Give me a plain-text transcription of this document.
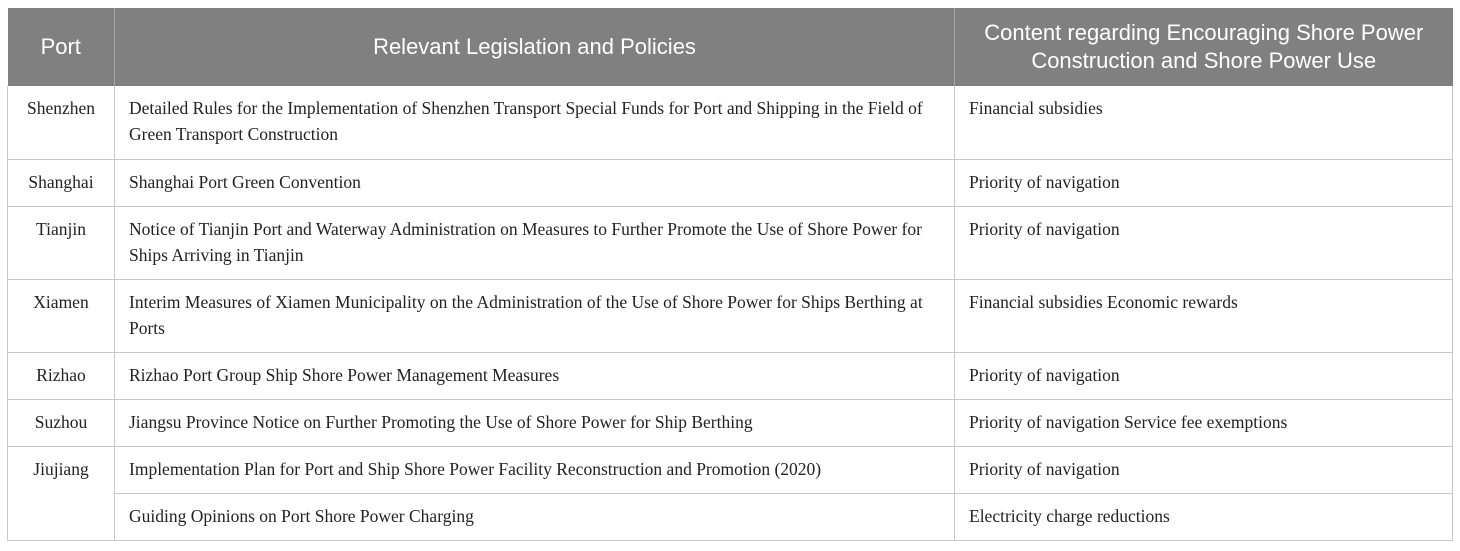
Port	Relevant Legislation and Policies	Content regarding Encouraging Shore Power Construction and Shore Power Use
Shenzhen	Detailed Rules for the Implementation of Shenzhen Transport Special Funds for Port and Shipping in the Field of Green Transport Construction	Financial subsidies
Shanghai	Shanghai Port Green Convention	Priority of navigation
Tianjin	Notice of Tianjin Port and Waterway Administration on Measures to Further Promote the Use of Shore Power for Ships Arriving in Tianjin	Priority of navigation
Xiamen	Interim Measures of Xiamen Municipality on the Administration of the Use of Shore Power for Ships Berthing at Ports	Financial subsidies Economic rewards
Rizhao	Rizhao Port Group Ship Shore Power Management Measures	Priority of navigation
Suzhou	Jiangsu Province Notice on Further Promoting the Use of Shore Power for Ship Berthing	Priority of navigation Service fee exemptions
Jiujiang	Implementation Plan for Port and Ship Shore Power Facility Reconstruction and Promotion (2020)	Priority of navigation
	Guiding Opinions on Port Shore Power Charging	Electricity charge reductions
